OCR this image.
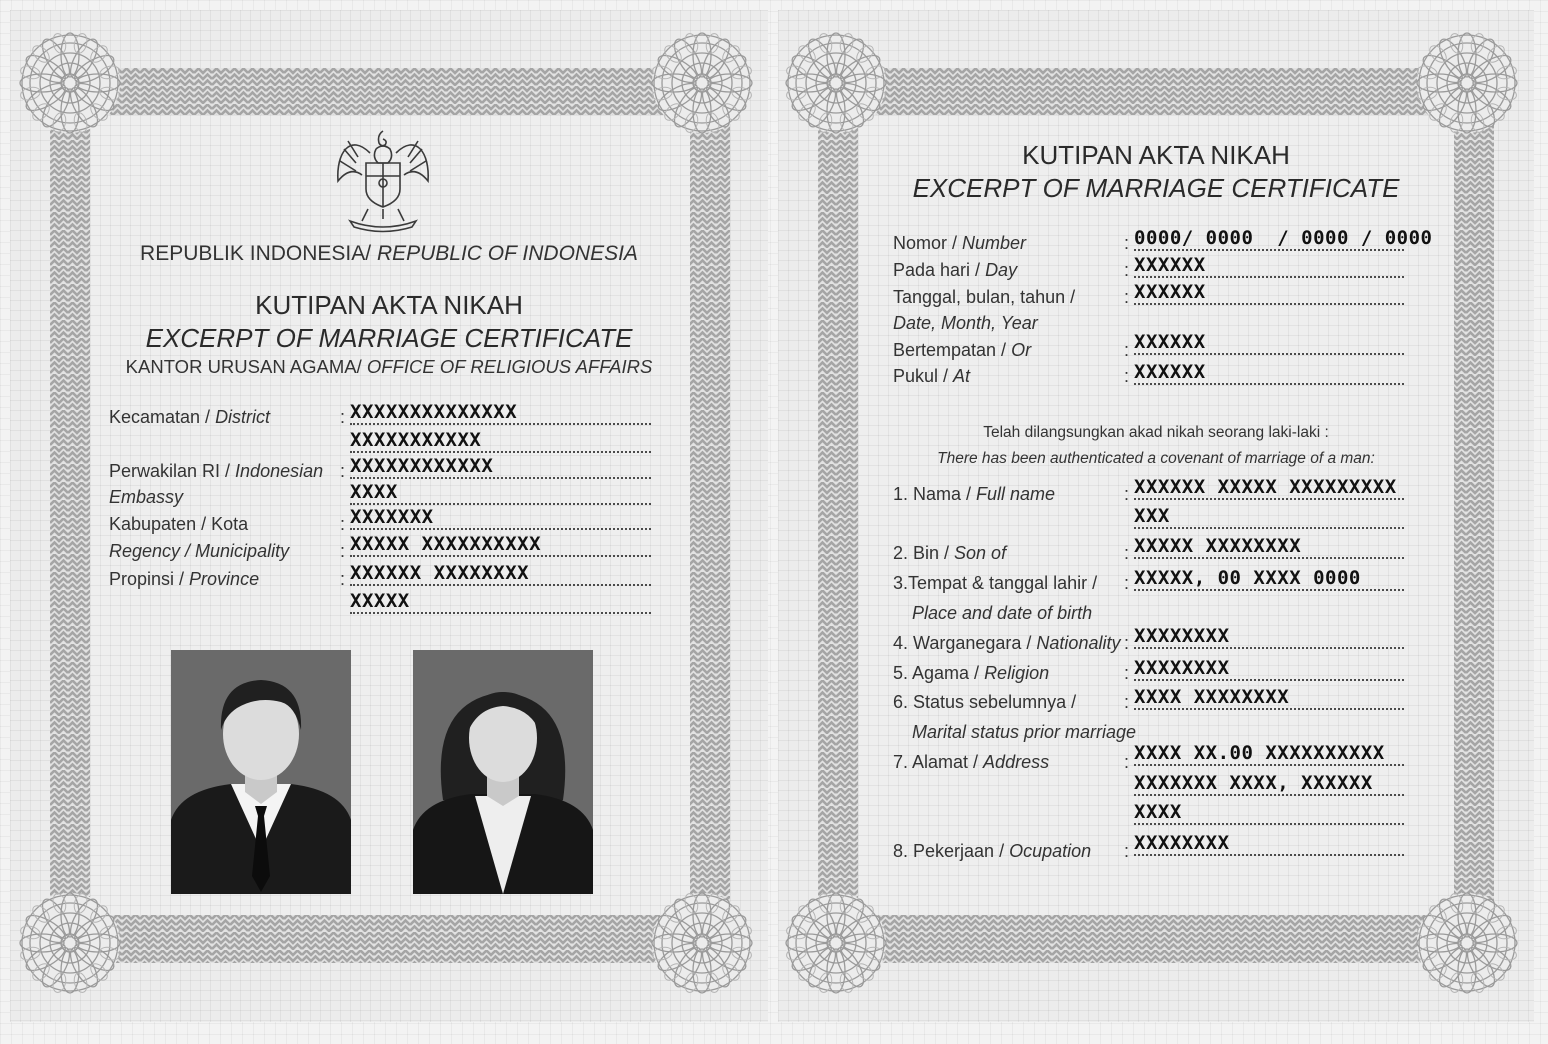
REPUBLIK INDONESIA/ REPUBLIC OF INDONESIA
KUTIPAN AKTA NIKAH
EXCERPT OF MARRIAGE CERTIFICATE
KANTOR URUSAN AGAMA/ OFFICE OF RELIGIOUS AFFAIRS
Kecamatan / District	: XXXXXXXXXXXXXX
XXXXXXXXXXX
Perwakilan RI / Indonesian : XXXXXXXXXXXX
Embassy	XXXX
Kabupaten / Kota	: XXXXXXX
Regency / Municipality	: XXXXX XXXXXXXXXX
Propinsi / Province	: XXXXXX XXXXXXXX
XXXXX
KUTIPAN AKTA NIKAH
EXCERPT OF MARRIAGE CERTIFICATE
Nomor / Number	: 0000/ 0000  / 0000 / 0000
Pada hari / Day	: XXXXXX
Tanggal, bulan, tahun /	: XXXXXX
Date, Month, Year
Bertempatan / Or	: XXXXXX
Pukul / At	: XXXXXX
Telah dilangsungkan akad nikah seorang laki-laki :
There has been authenticated a covenant of marriage of a man:
1. Nama / Full name	: XXXXXX XXXXX XXXXXXXXX
XXX
2. Bin / Son of	: XXXXX XXXXXXXX
3.Tempat & tanggal lahir / : XXXXX, 00 XXXX 0000
Place and date of birth
4. Warganegara / Nationality : XXXXXXXX
5. Agama / Religion	: XXXXXXXX
6. Status sebelumnya /	: XXXX XXXXXXXX
Marital status prior marriage
7. Alamat / Address	: XXXX XX.00 XXXXXXXXXX
XXXXXXX XXXX, XXXXXX
XXXX
8. Pekerjaan / Ocupation : XXXXXXXX
